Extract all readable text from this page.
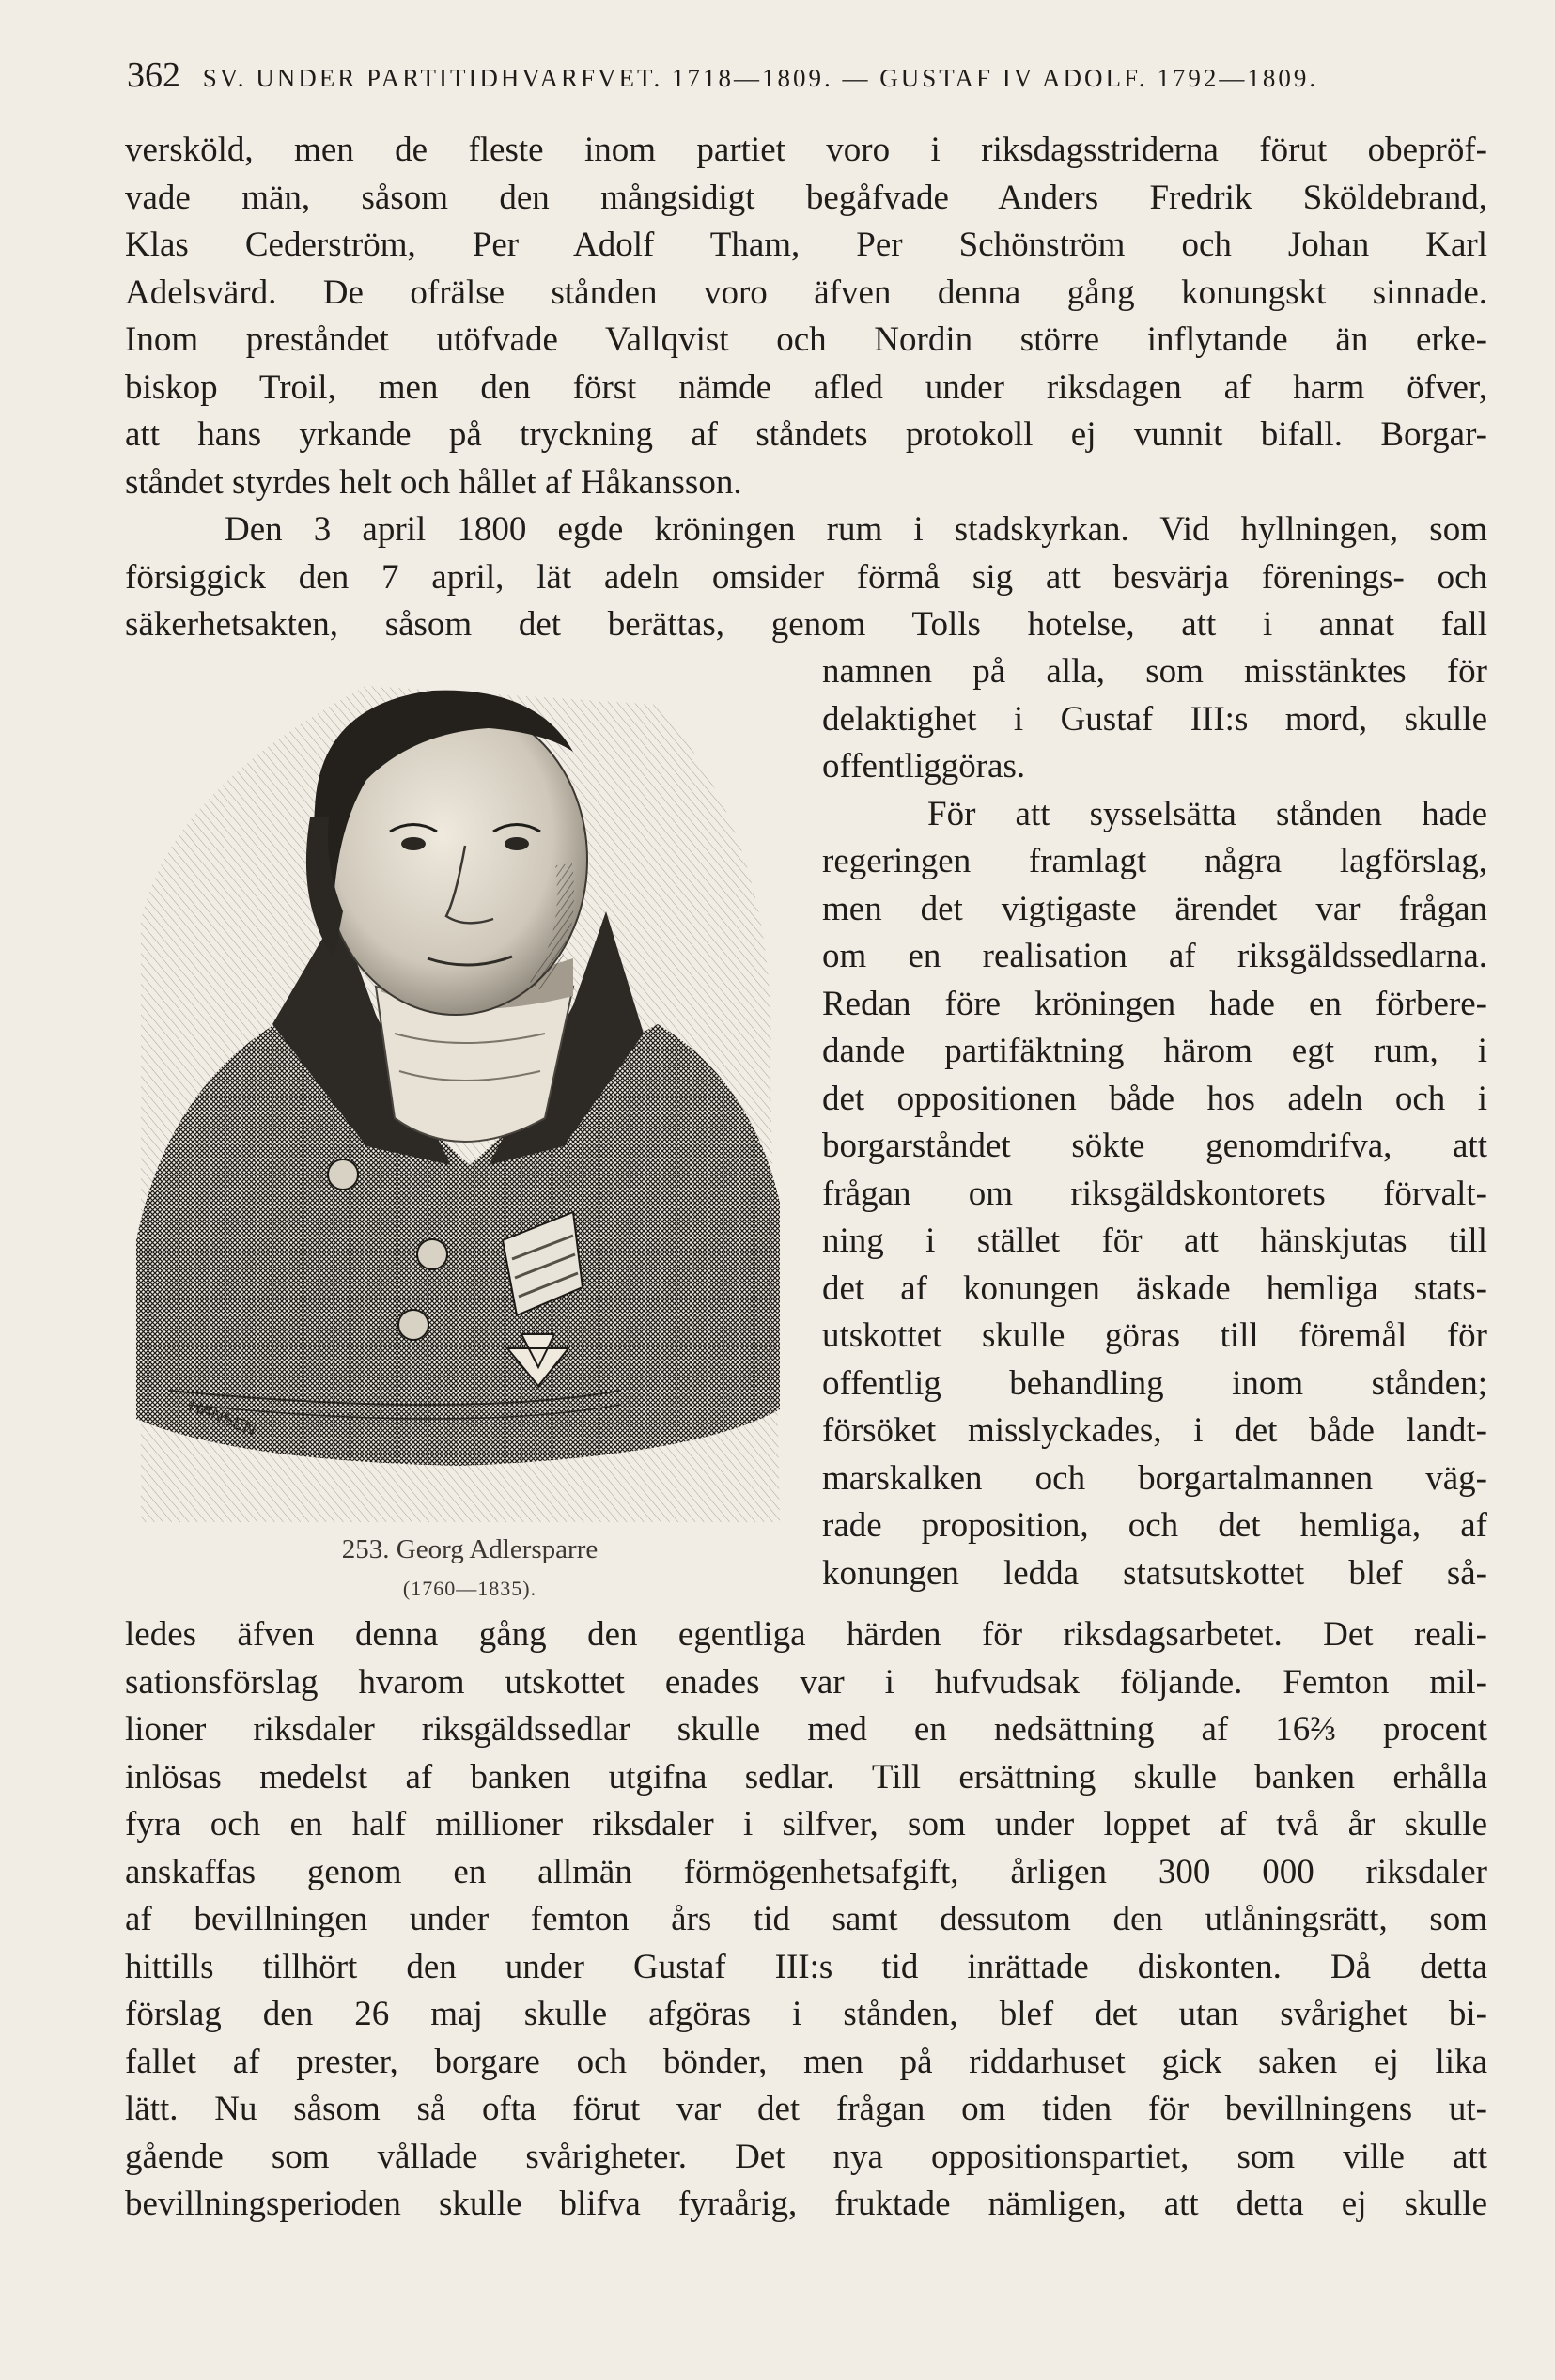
362 SV. UNDER PARTITIDHVARFVET. 1718—1809. — GUSTAF IV ADOLF. 1792—1809.
versköld, men de fleste inom partiet voro i riksdagsstriderna förut obepröf-
vade män, såsom den mångsidigt begåfvade Anders Fredrik Sköldebrand,
Klas Cederström, Per Adolf Tham, Per Schönström och Johan Karl
Adelsvärd. De ofrälse stånden voro äfven denna gång konungskt sinnade.
Inom preståndet utöfvade Vallqvist och Nordin större inflytande än erke-
biskop Troil, men den först nämde afled under riksdagen af harm öfver,
att hans yrkande på tryckning af ståndets protokoll ej vunnit bifall. Borgar-
ståndet styrdes helt och hållet af Håkansson.
Den 3 april 1800 egde kröningen rum i stadskyrkan. Vid hyllningen, som
försiggick den 7 april, lät adeln omsider förmå sig att besvärja förenings- och
säkerhetsakten, såsom det berättas, genom Tolls hotelse, att i annat fall
HANSEN
253. Georg Adlersparre
(1760—1835).
namnen på alla, som misstänktes för
delaktighet i Gustaf III:s mord, skulle
offentliggöras.
För att sysselsätta stånden hade
regeringen framlagt några lagförslag,
men det vigtigaste ärendet var frågan
om en realisation af riksgäldssedlarna.
Redan före kröningen hade en förbere-
dande partifäktning härom egt rum, i
det oppositionen både hos adeln och i
borgarståndet sökte genomdrifva, att
frågan om riksgäldskontorets förvalt-
ning i stället för att hänskjutas till
det af konungen äskade hemliga stats-
utskottet skulle göras till föremål för
offentlig behandling inom stånden;
försöket misslyckades, i det både landt-
marskalken och borgartalmannen väg-
rade proposition, och det hemliga, af
konungen ledda statsutskottet blef så-
ledes äfven denna gång den egentliga härden för riksdagsarbetet. Det reali-
sationsförslag hvarom utskottet enades var i hufvudsak följande. Femton mil-
lioner riksdaler riksgäldssedlar skulle med en nedsättning af 16⅔ procent
inlösas medelst af banken utgifna sedlar. Till ersättning skulle banken erhålla
fyra och en half millioner riksdaler i silfver, som under loppet af två år skulle
anskaffas genom en allmän förmögenhetsafgift, årligen 300 000 riksdaler
af bevillningen under femton års tid samt dessutom den utlåningsrätt, som
hittills tillhört den under Gustaf III:s tid inrättade diskonten. Då detta
förslag den 26 maj skulle afgöras i stånden, blef det utan svårighet bi-
fallet af prester, borgare och bönder, men på riddarhuset gick saken ej lika
lätt. Nu såsom så ofta förut var det frågan om tiden för bevillningens ut-
gående som vållade svårigheter. Det nya oppositionspartiet, som ville att
bevillningsperioden skulle blifva fyraårig, fruktade nämligen, att detta ej skulle
